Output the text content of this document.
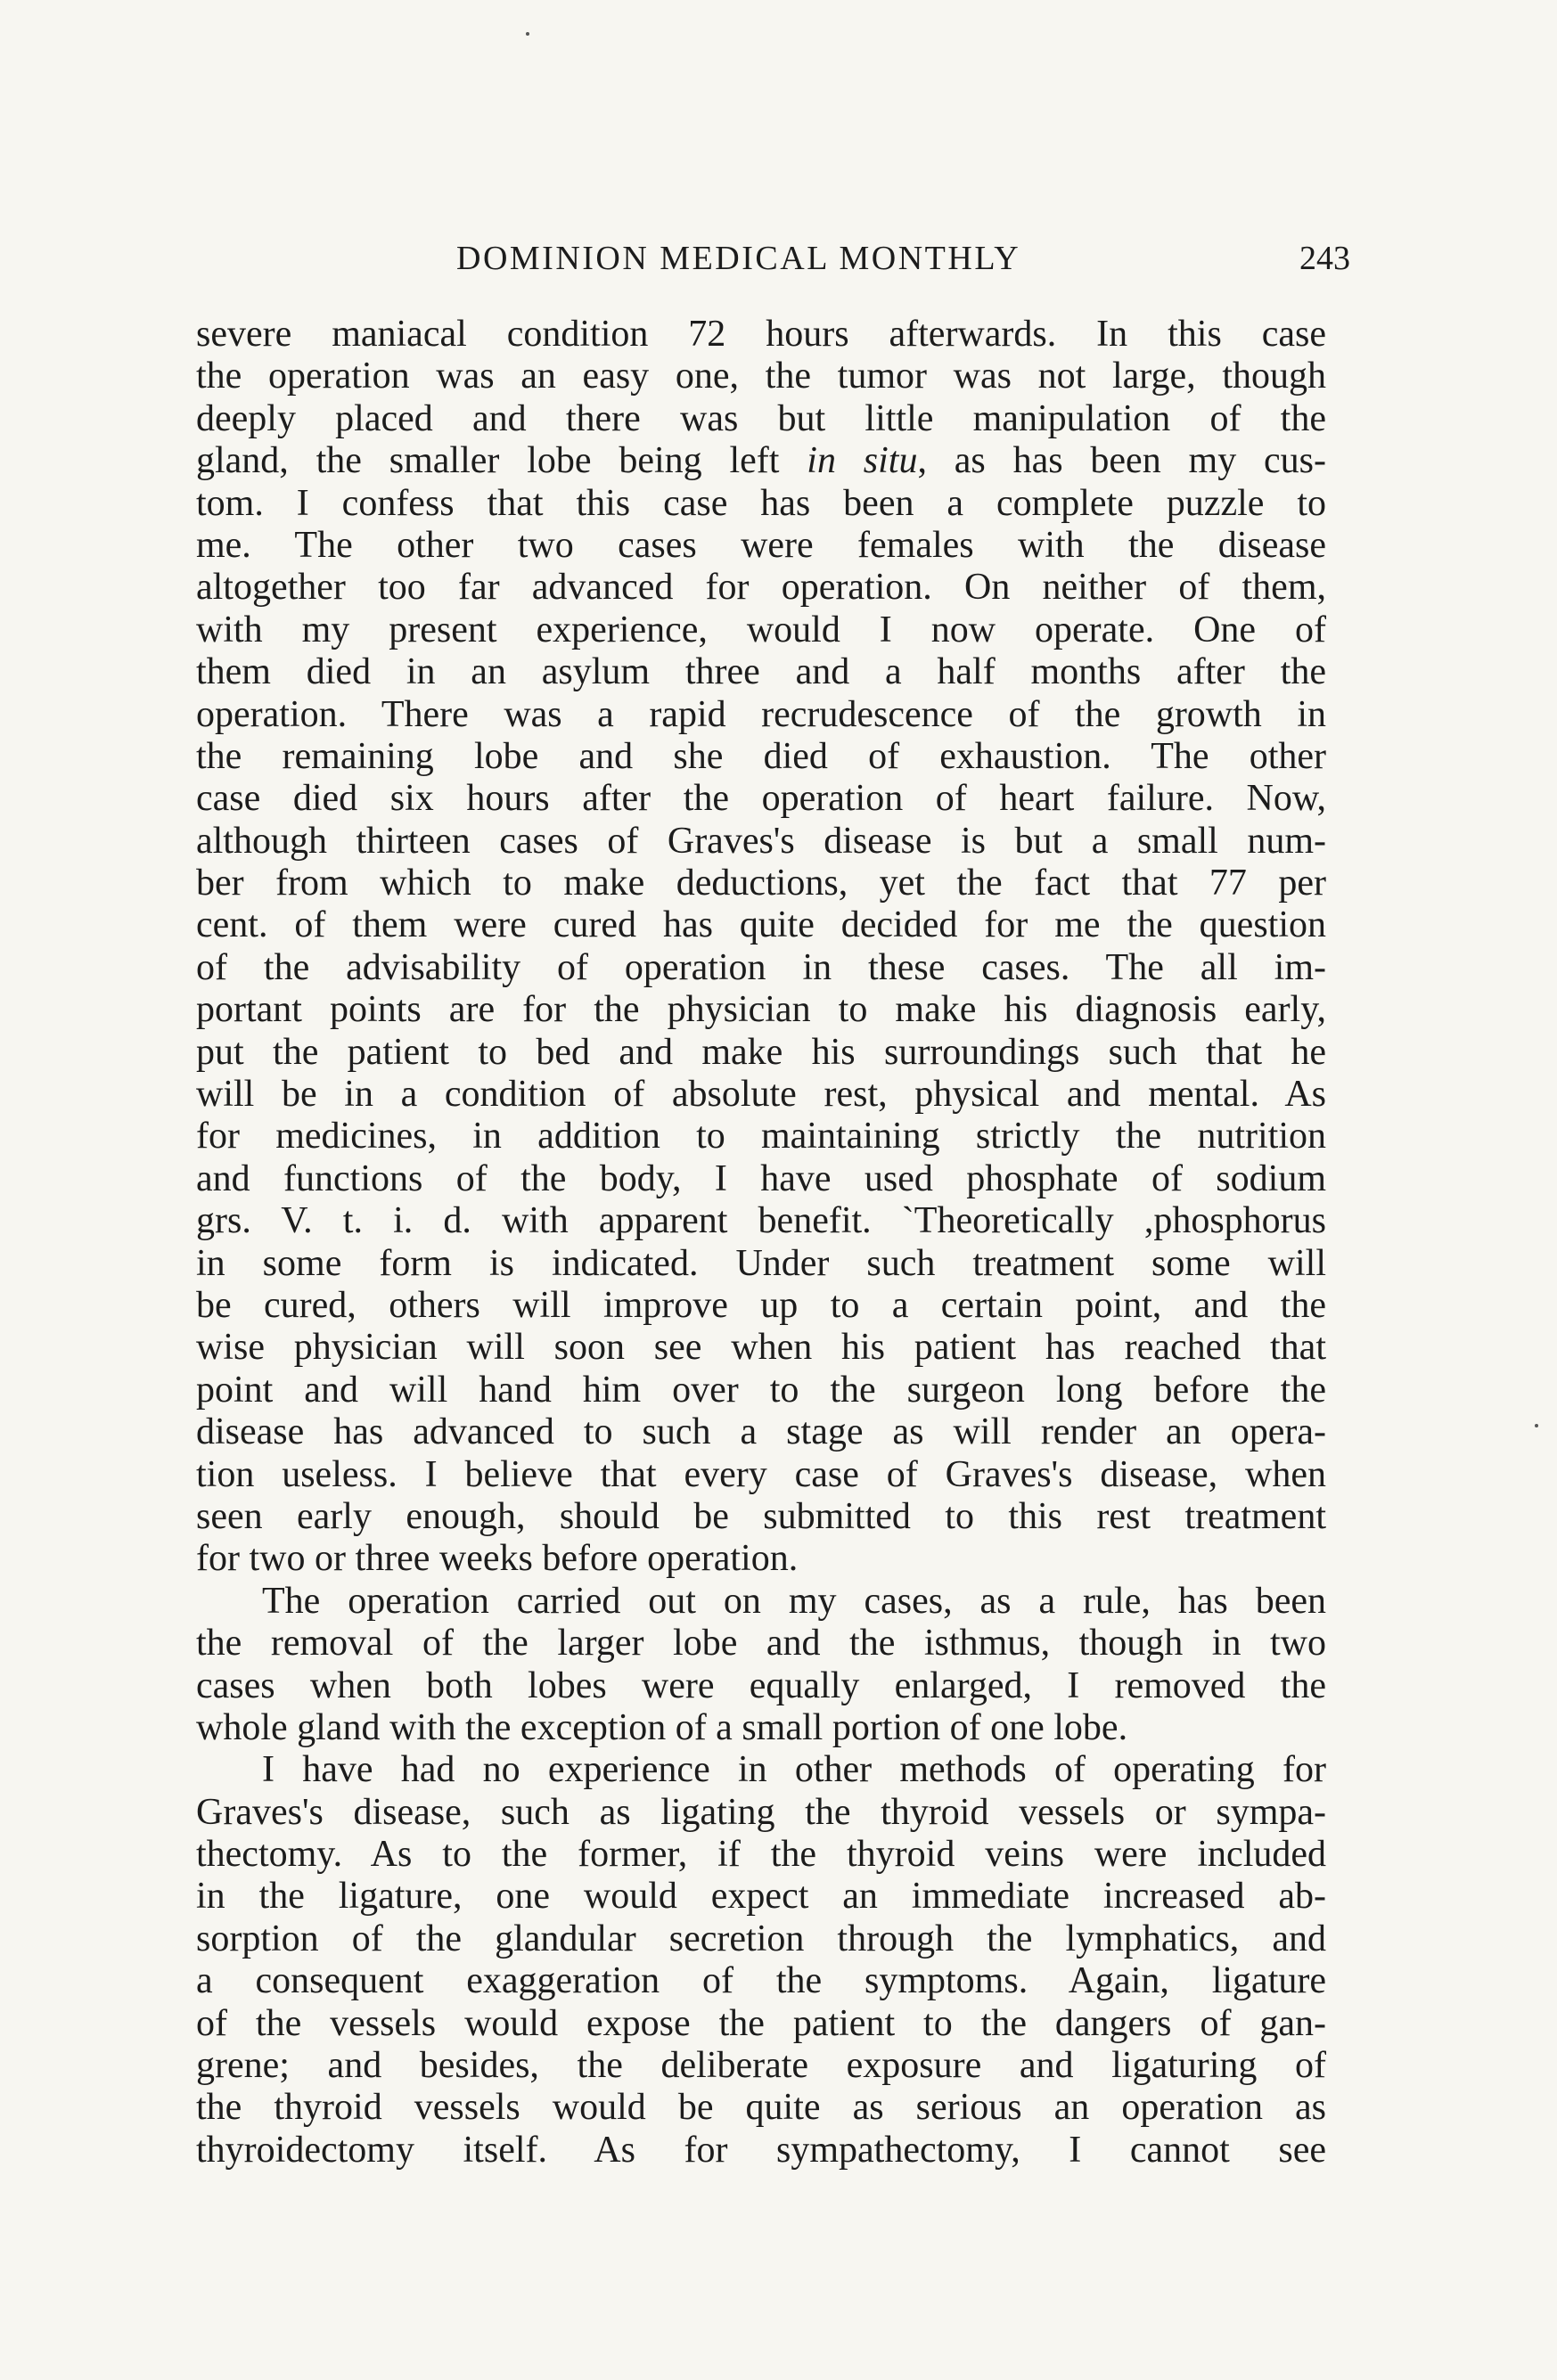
DOMINION MEDICAL MONTHLY	243
severe maniacal condition 72 hours afterwards. In this case
the operation was an easy one, the tumor was not large, though
deeply placed and there was but little manipulation of the
gland, the smaller lobe being left in situ, as has been my cus-
tom. I confess that this case has been a complete puzzle to
me. The other two cases were females with the disease
altogether too far advanced for operation. On neither of them,
with my present experience, would I now operate. One of
them died in an asylum three and a half months after the
operation. There was a rapid recrudescence of the growth in
the remaining lobe and she died of exhaustion. The other
case died six hours after the operation of heart failure. Now,
although thirteen cases of Graves's disease is but a small num-
ber from which to make deductions, yet the fact that 77 per
cent. of them were cured has quite decided for me the question
of the advisability of operation in these cases. The all im-
portant points are for the physician to make his diagnosis early,
put the patient to bed and make his surroundings such that he
will be in a condition of absolute rest, physical and mental. As
for medicines, in addition to maintaining strictly the nutrition
and functions of the body, I have used phosphate of sodium
grs. V. t. i. d. with apparent benefit. `Theoretically ,phosphorus
in some form is indicated. Under such treatment some will
be cured, others will improve up to a certain point, and the
wise physician will soon see when his patient has reached that
point and will hand him over to the surgeon long before the
disease has advanced to such a stage as will render an opera-
tion useless. I believe that every case of Graves's disease, when
seen early enough, should be submitted to this rest treatment
for two or three weeks before operation.
The operation carried out on my cases, as a rule, has been
the removal of the larger lobe and the isthmus, though in two
cases when both lobes were equally enlarged, I removed the
whole gland with the exception of a small portion of one lobe.
I have had no experience in other methods of operating for
Graves's disease, such as ligating the thyroid vessels or sympa-
thectomy. As to the former, if the thyroid veins were included
in the ligature, one would expect an immediate increased ab-
sorption of the glandular secretion through the lymphatics, and
a consequent exaggeration of the symptoms. Again, ligature
of the vessels would expose the patient to the dangers of gan-
grene; and besides, the deliberate exposure and ligaturing of
the thyroid vessels would be quite as serious an operation as
thyroidectomy itself. As for sympathectomy, I cannot see
